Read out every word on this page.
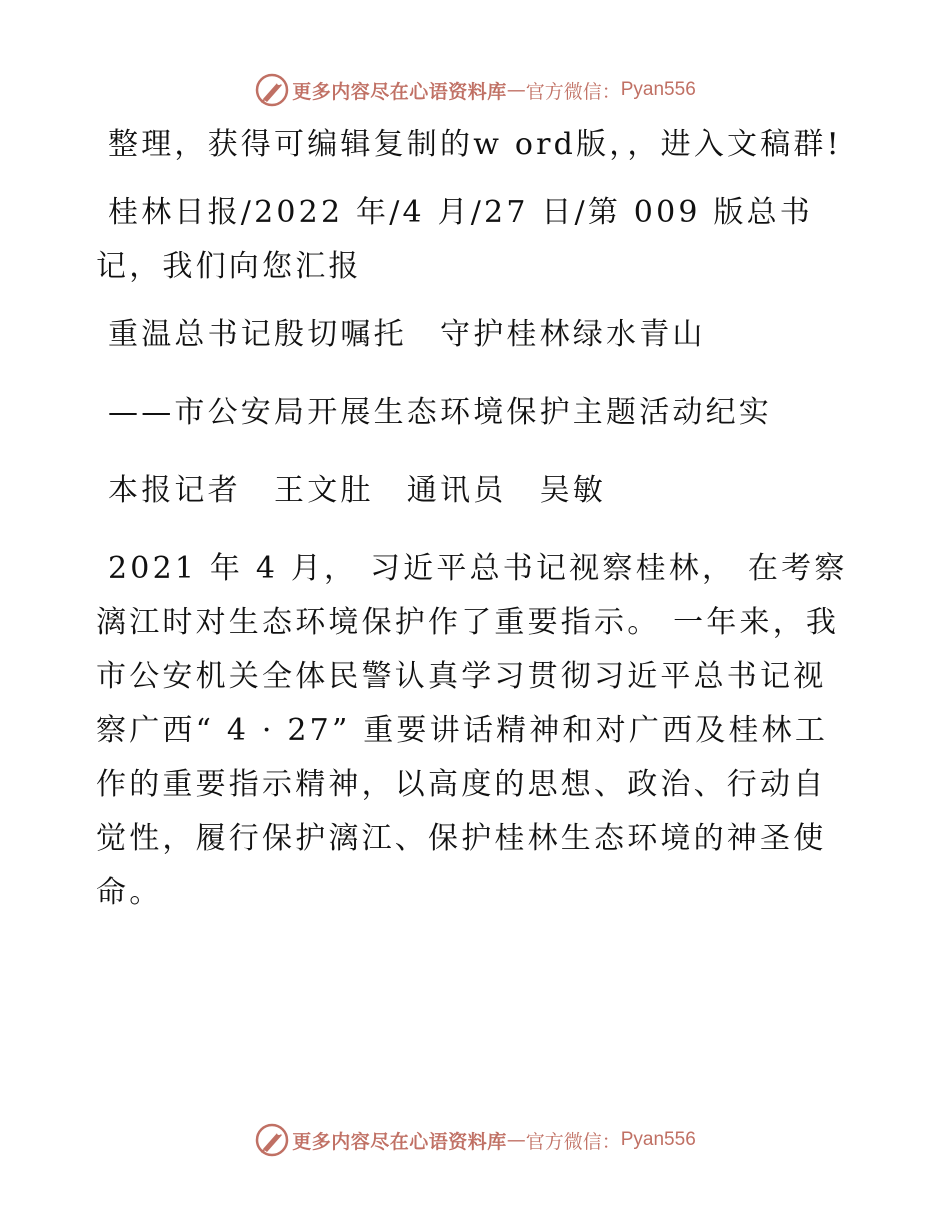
更多内容尽在心语资料库 — 官方微信： Pyan556

整理，获得可编辑复制的w ord版，，进入文稿群!

桂林日报/2022 年/4 月/27 日/第 009 版总书记，我们向您汇报

重温总书记殷切嘱托　守护桂林绿水青山

——市公安局开展生态环境保护主题活动纪实

本报记者　王文肚　通讯员　吴敏

2021 年 4 月， 习近平总书记视察桂林， 在考察漓江时对生态环境保护作了重要指示。 一年来，我市公安机关全体民警认真学习贯彻习近平总书记视察广西“ 4 · 27” 重要讲话精神和对广西及桂林工作的重要指示精神，以高度的思想、政治、行动自觉性，履行保护漓江、保护桂林生态环境的神圣使命。

更多内容尽在心语资料库 — 官方微信： Pyan556
